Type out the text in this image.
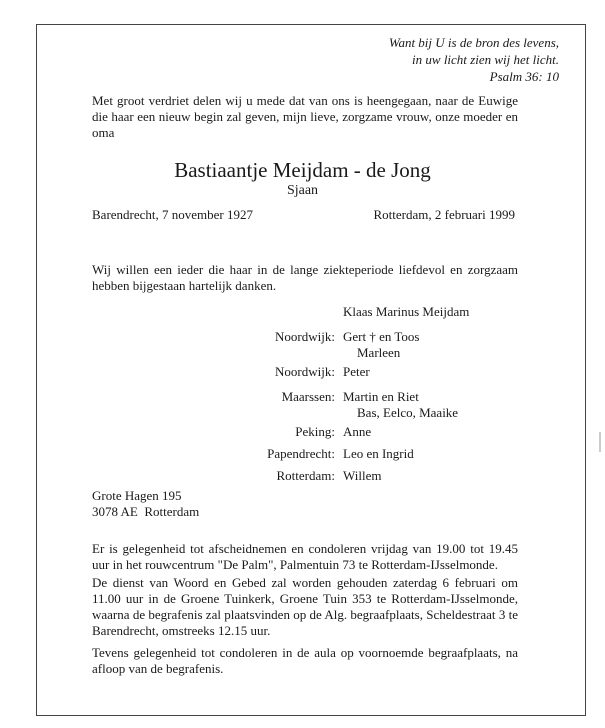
Want bij U is de bron des levens,
in uw licht zien wij het licht.
Psalm 36: 10
Met groot verdriet delen wij u mede dat van ons is heengegaan, naar de Euwige die haar een nieuw begin zal geven, mijn lieve, zorgzame vrouw, onze moeder en oma
Bastiaantje Meijdam - de Jong
Sjaan
Barendrecht, 7 november 1927	Rotterdam, 2 februari 1999
Wij willen een ieder die haar in de lange ziekteperiode liefdevol en zorgzaam hebben bijgestaan hartelijk danken.
Klaas Marinus Meijdam
Noordwijk: Gert † en Toos
Marleen
Noordwijk: Peter
Maarssen: Martin en Riet
Bas, Eelco, Maaike
Peking: Anne
Papendrecht: Leo en Ingrid
Rotterdam: Willem
Grote Hagen 195
3078 AE  Rotterdam
Er is gelegenheid tot afscheidnemen en condoleren vrijdag van 19.00 tot 19.45 uur in het rouwcentrum "De Palm", Palmentuin 73 te Rotterdam-IJsselmonde.
De dienst van Woord en Gebed zal worden gehouden zaterdag 6 februari om 11.00 uur in de Groene Tuinkerk, Groene Tuin 353 te Rotterdam-IJsselmonde, waarna de begrafenis zal plaatsvinden op de Alg. begraafplaats, Scheldestraat 3 te Barendrecht, omstreeks 12.15 uur.
Tevens gelegenheid tot condoleren in de aula op voornoemde begraafplaats, na afloop van de begrafenis.
